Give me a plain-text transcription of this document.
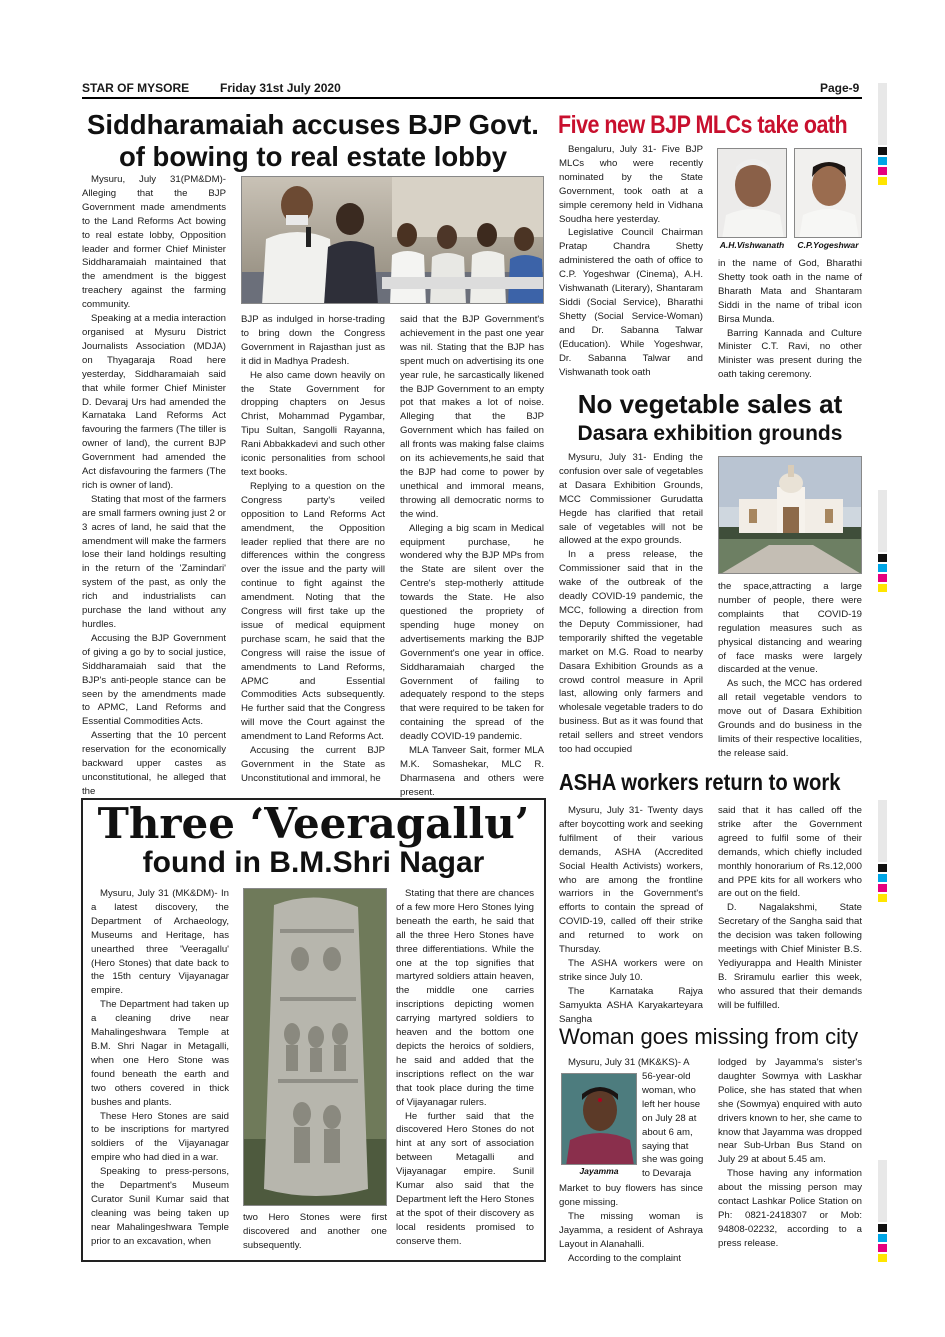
STAR OF MYSORE	Friday 31st July 2020	Page-9
Siddharamaiah accuses BJP Govt.
of bowing to real estate lobby

Mysuru, July 31(PM&DM)- Alleging that the BJP Government made amendments to the Land Reforms Act bowing to real estate lobby, Opposition leader and former Chief Minister Siddharamaiah maintained that the amendment is the biggest treachery against the farming community.

Speaking at a media interaction organised at Mysuru District Journalists Association (MDJA) on Thyagaraja Road here yesterday, Siddharamaiah said that while former Chief Minister D. Devaraj Urs had amended the Karnataka Land Reforms Act favouring the farmers (The tiller is owner of land), the current BJP Government had amended the Act disfavouring the farmers (The rich is owner of land).

Stating that most of the farmers are small farmers owning just 2 or 3 acres of land, he said that the amendment will make the farmers lose their land holdings resulting in the return of the 'Zamindari' system of the past, as only the rich and industrialists can purchase the land without any hurdles.

Accusing the BJP Government of giving a go by to social justice, Siddharamaiah said that the BJP's anti-people stance can be seen by the amendments made to APMC, Land Reforms and Essential Commodities Acts.

Asserting that the 10 percent reservation for the economically backward upper castes as unconstitutional, he alleged that the

BJP as indulged in horse-trading to bring down the Congress Government in Rajasthan just as it did in Madhya Pradesh.

He also came down heavily on the State Government for dropping chapters on Jesus Christ, Mohammad Pygambar, Tipu Sultan, Sangolli Rayanna, Rani Abbakkadevi and such other iconic personalities from school text books.

Replying to a question on the Congress party's veiled opposition to Land Reforms Act amendment, the Opposition leader replied that there are no differences within the congress over the issue and the party will continue to fight against the amendment. Noting that the Congress will first take up the issue of medical equipment purchase scam, he said that the Congress will raise the issue of amendments to Land Reforms, APMC and Essential Commodities Acts subsequently. He further said that the Congress will move the Court against the amendment to Land Reforms Act.

Accusing the current BJP Government in the State as Unconstitutional and immoral, he

said that the BJP Government's achievement in the past one year was nil. Stating that the BJP has spent much on advertising its one year rule, he sarcastically likened the BJP Government to an empty pot that makes a lot of noise. Alleging that the BJP Government which has failed on all fronts was making false claims on its achievements,he said that the BJP had come to power by unethical and immoral means, throwing all democratic norms to the wind.

Alleging a big scam in Medical equipment purchase, he wondered why the BJP MPs from the State are silent over the Centre's step-motherly attitude towards the State. He also questioned the propriety of spending huge money on advertisements marking the BJP Government's one year in office. Siddharamaiah charged the Government of failing to adequately respond to the steps that were required to be taken for containing the spread of the deadly COVID-19 pandemic.

MLA Tanveer Sait, former MLA M.K. Somashekar, MLC R. Dharmasena and others were present.

Five new BJP MLCs take oath

Bengaluru, July 31- Five BJP MLCs who were recently nominated by the State Government, took oath at a simple ceremony held in Vidhana Soudha here yesterday.

Legislative Council Chairman Pratap Chandra Shetty administered the oath of office to C.P. Yogeshwar (Cinema), A.H. Vishwanath (Literary), Shantaram Siddi (Social Service), Bharathi Shetty (Social Service-Woman) and Dr. Sabanna Talwar (Education). While Yogeshwar, Dr. Sabanna Talwar and Vishwanath took oath

A.H.Vishwanath	C.P.Yogeshwar

in the name of God, Bharathi Shetty took oath in the name of Bharath Mata and Shantaram Siddi in the name of tribal icon Birsa Munda.

Barring Kannada and Culture Minister C.T. Ravi, no other Minister was present during the oath taking ceremony.

No vegetable sales at
Dasara exhibition grounds

Mysuru, July 31- Ending the confusion over sale of vegetables at Dasara Exhibition Grounds, MCC Commissioner Gurudatta Hegde has clarified that retail sale of vegetables will not be allowed at the expo grounds.

In a press release, the Commissioner said that in the wake of the outbreak of the deadly COVID-19 pandemic, the MCC, following a direction from the Deputy Commissioner, had temporarily shifted the vegetable market on M.G. Road to nearby Dasara Exhibition Grounds as a crowd control measure in April last, allowing only farmers and wholesale vegetable traders to do business. But as it was found that retail sellers and street vendors too had occupied

the space,attracting a large number of people, there were complaints that COVID-19 regulation measures such as physical distancing and wearing of face masks were largely discarded at the venue.

As such, the MCC has ordered all retail vegetable vendors to move out of Dasara Exhibition Grounds and do business in the limits of their respective localities, the release said.

ASHA workers return to work

Mysuru, July 31- Twenty days after boycotting work and seeking fulfilment of their various demands, ASHA (Accredited Social Health Activists) workers, who are among the frontline warriors in the Government's efforts to contain the spread of COVID-19, called off their strike and returned to work on Thursday.

The ASHA workers were on strike since July 10.

The Karnataka Rajya Samyukta ASHA Karyakarteyara Sangha

said that it has called off the strike after the Government agreed to fulfil some of their demands, which chiefly included monthly honorarium of Rs.12,000 and PPE kits for all workers who are out on the field.

D. Nagalakshmi, State Secretary of the Sangha said that the decision was taken following meetings with Chief Minister B.S. Yediyurappa and Health Minister B. Sriramulu earlier this week, who assured that their demands will be fulfilled.

Three ‘Veeragallu’
found in B.M.Shri Nagar

Mysuru, July 31 (MK&DM)- In a latest discovery, the Department of Archaeology, Museums and Heritage, has unearthed three 'Veeragallu' (Hero Stones) that date back to the 15th century Vijayanagar empire.

The Department had taken up a cleaning drive near Mahalingeshwara Temple at B.M. Shri Nagar in Metagalli, when one Hero Stone was found beneath the earth and two others covered in thick bushes and plants.

These Hero Stones are said to be inscriptions for martyred soldiers of the Vijayanagar empire who had died in a war.

Speaking to press-persons, the Department's Museum Curator Sunil Kumar said that cleaning was being taken up near Mahalingeshwara Temple prior to an excavation, when

two Hero Stones were first discovered and another one subsequently.

Stating that there are chances of a few more Hero Stones lying beneath the earth, he said that all the three Hero Stones have three differentiations. While the one at the top signifies that martyred soldiers attain heaven, the middle one carries inscriptions depicting women carrying martyred soldiers to heaven and the bottom one depicts the heroics of soldiers, he said and added that the inscriptions reflect on the war that took place during the time of Vijayanagar rulers.

He further said that the discovered Hero Stones do not hint at any sort of association between Metagalli and Vijayanagar empire. Sunil Kumar also said that the Department left the Hero Stones at the spot of their discovery as local residents promised to conserve them.

Woman goes missing from city

Mysuru, July 31 (MK&KS)- A

Jayamma
56-year-old
woman, who
left her house
on July 28 at
about 6 am,
saying that
she was going
to Devaraja

Market to buy flowers has since gone missing.

The missing woman is Jayamma, a resident of Ashraya Layout in Alanahalli.

According to the complaint

lodged by Jayamma's sister's daughter Sowmya with Laskhar Police, she has stated that when she (Sowmya) enquired with auto drivers known to her, she came to know that Jayamma was dropped near Sub-Urban Bus Stand on July 29 at about 5.45 am.

Those having any information about the missing person may contact Lashkar Police Station on Ph: 0821-2418307 or Mob: 94808-02232, according to a press release.
